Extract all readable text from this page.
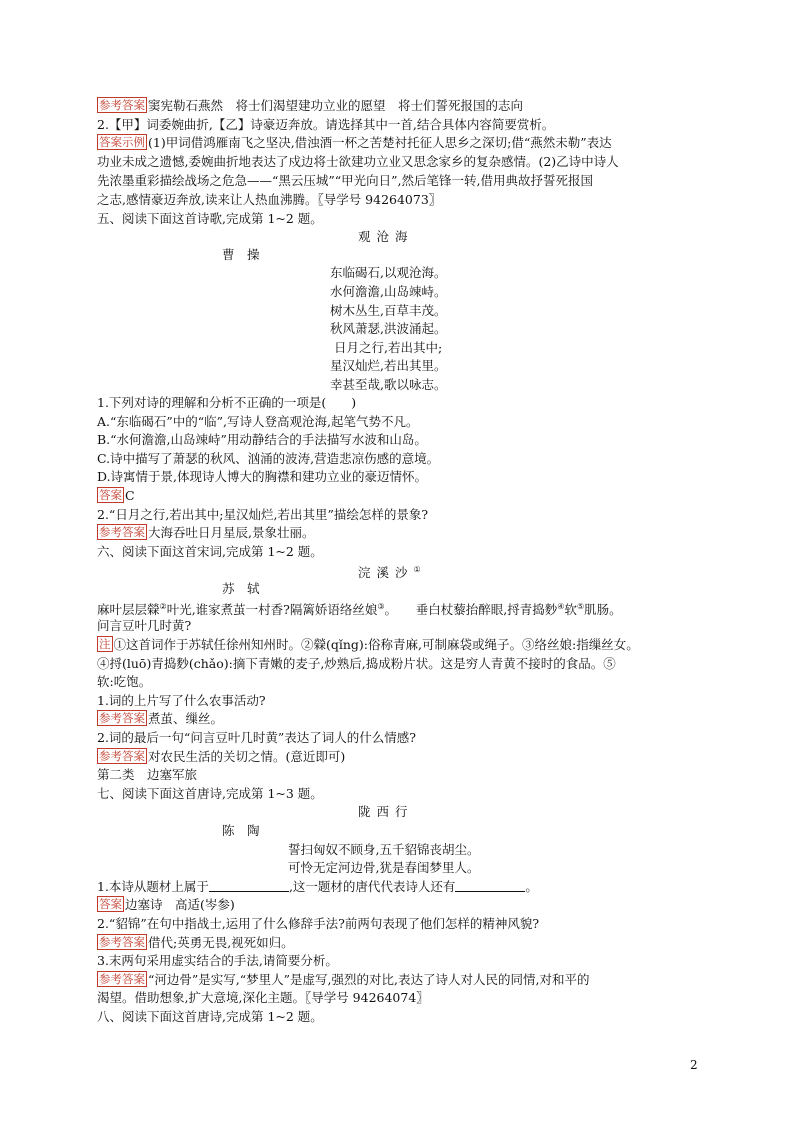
参考答案 窦宪勒石燕然　将士们渴望建功立业的愿望　将士们誓死报国的志向
2.【甲】词委婉曲折,【乙】诗豪迈奔放。请选择其中一首,结合具体内容简要赏析。
答案示例 (1)甲词借鸿雁南飞之坚决,借浊酒一杯之苦楚衬托征人思乡之深切;借“燕然未勒”表达
功业未成之遗憾,委婉曲折地表达了戍边将士欲建功立业又思念家乡的复杂感情。(2)乙诗中诗人
先浓墨重彩描绘战场之危急——“黑云压城”“甲光向日”,然后笔锋一转,借用典故抒誓死报国
之志,感情豪迈奔放,读来让人热血沸腾。〖导学号 94264073〗
五、阅读下面这首诗歌,完成第 1~2 题。
观沧海
曹　操
东临碣石,以观沧海。
水何澹澹,山岛竦峙。
树木丛生,百草丰茂。
秋风萧瑟,洪波涌起。
日月之行,若出其中;
星汉灿烂,若出其里。
幸甚至哉,歌以咏志。
1.下列对诗的理解和分析不正确的一项是(　　)
A.“东临碣石”中的“临”,写诗人登高观沧海,起笔气势不凡。
B.“水何澹澹,山岛竦峙”用动静结合的手法描写水波和山岛。
C.诗中描写了萧瑟的秋风、汹涌的波涛,营造悲凉伤感的意境。
D.诗寓情于景,体现诗人博大的胸襟和建功立业的豪迈情怀。
答案 C
2.“日月之行,若出其中;星汉灿烂,若出其里”描绘怎样的景象?
参考答案 大海吞吐日月星辰,景象壮丽。
六、阅读下面这首宋词,完成第 1~2 题。
浣溪沙①
苏　轼
麻叶层层檾②叶光,谁家煮茧一村香?隔篱娇语络丝娘③。　　垂白杖藜抬醉眼,捋青捣麨④软⑤肌肠。
问言豆叶几时黄?
注 ①这首词作于苏轼任徐州知州时。②檾(qǐng):俗称青麻,可制麻袋或绳子。③络丝娘:指缫丝女。
④捋(luō)青捣麨(chǎo):摘下青嫩的麦子,炒熟后,捣成粉片状。这是穷人青黄不接时的食品。⑤
软:吃饱。
1.词的上片写了什么农事活动?
参考答案 煮茧、缫丝。
2.词的最后一句“问言豆叶几时黄”表达了词人的什么情感?
参考答案 对农民生活的关切之情。(意近即可)
第二类　边塞军旅
七、阅读下面这首唐诗,完成第 1~3 题。
陇西行
陈　陶
誓扫匈奴不顾身,五千貂锦丧胡尘。
可怜无定河边骨,犹是春闺梦里人。
1.本诗从题材上属于	,这一题材的唐代代表诗人还有	。
答案 边塞诗　高适(岑参)
2.“貂锦”在句中指战士,运用了什么修辞手法?前两句表现了他们怎样的精神风貌?
参考答案 借代;英勇无畏,视死如归。
3.末两句采用虚实结合的手法,请简要分析。
参考答案 “河边骨”是实写,“梦里人”是虚写,强烈的对比,表达了诗人对人民的同情,对和平的
渴望。借助想象,扩大意境,深化主题。〖导学号 94264074〗
八、阅读下面这首唐诗,完成第 1~2 题。
2
